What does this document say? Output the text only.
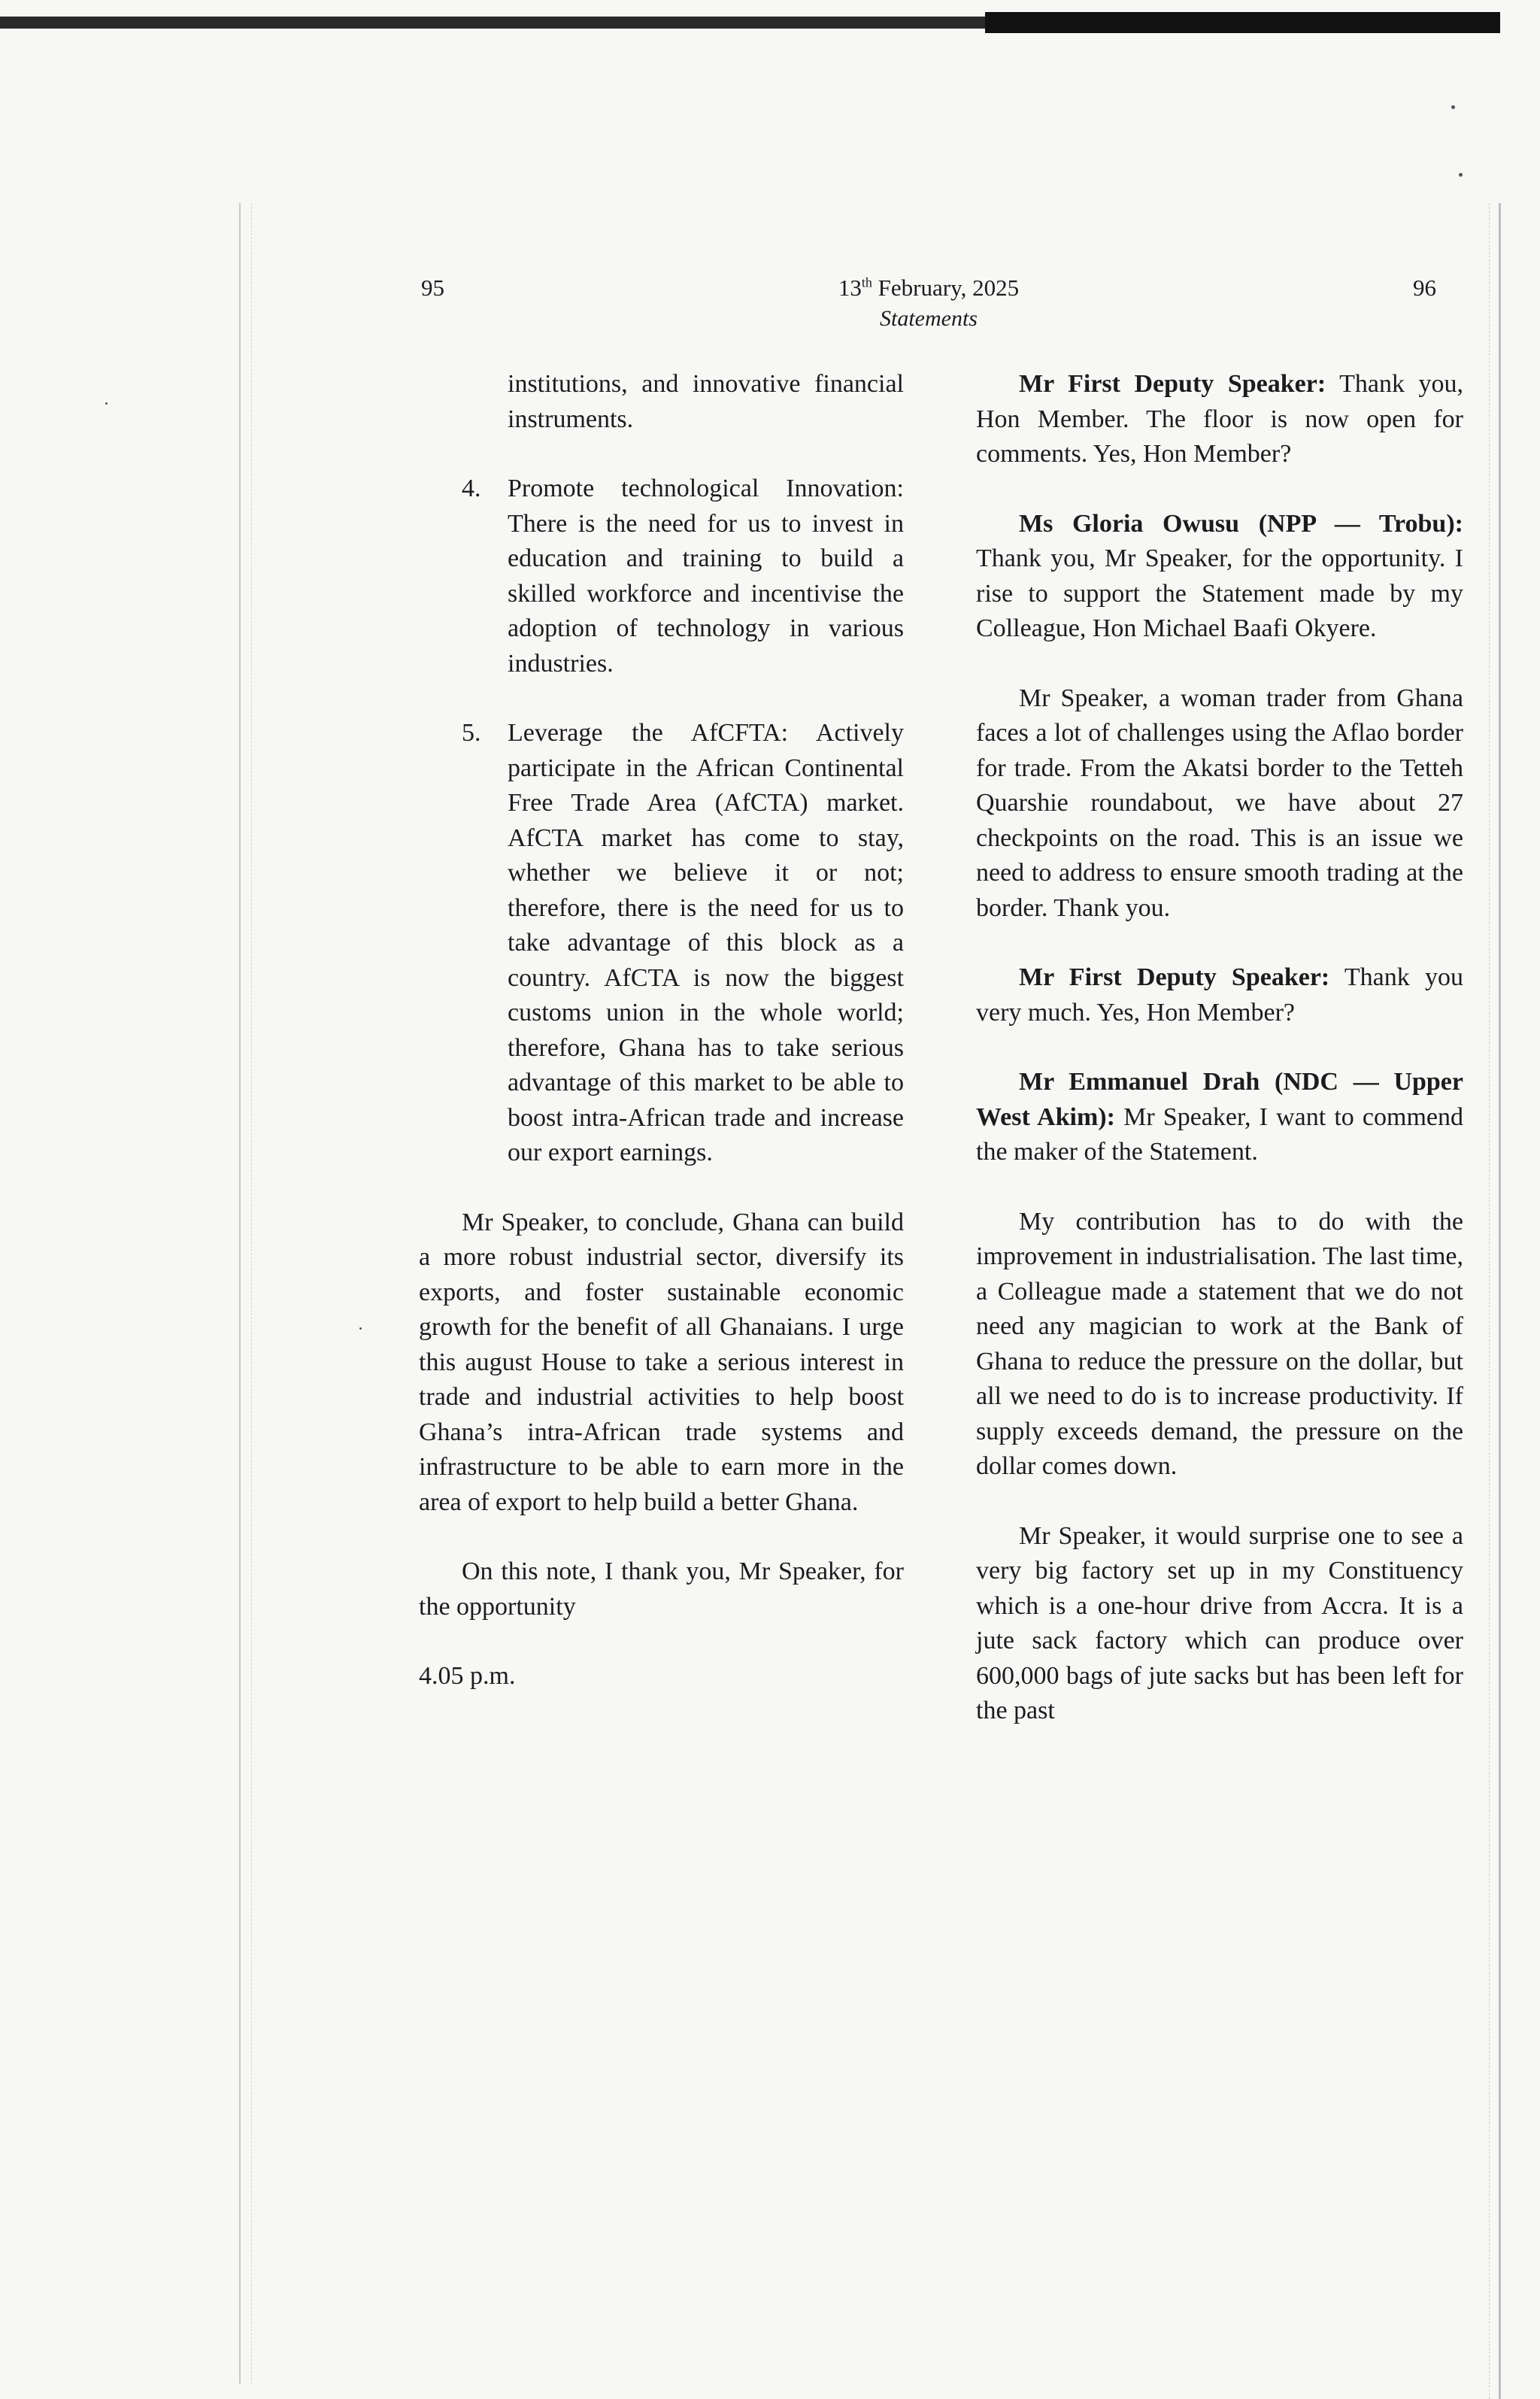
95	13th February, 2025
Statements
96

institutions, and innovative financial instruments.

4. Promote technological Innovation: There is the need for us to invest in education and training to build a skilled workforce and incentivise the adoption of technology in various industries.
5. Leverage the AfCFTA: Actively participate in the African Continental Free Trade Area (AfCTA) market. AfCTA market has come to stay, whether we believe it or not; therefore, there is the need for us to take advantage of this block as a country. AfCTA is now the biggest customs union in the whole world; therefore, Ghana has to take serious advantage of this market to be able to boost intra-African trade and increase our export earnings.

Mr Speaker, to conclude, Ghana can build a more robust industrial sector, diversify its exports, and foster sustainable economic growth for the benefit of all Ghanaians. I urge this august House to take a serious interest in trade and industrial activities to help boost Ghana’s intra-African trade systems and infrastructure to be able to earn more in the area of export to help build a better Ghana.

On this note, I thank you, Mr Speaker, for the opportunity

4.05 p.m.

Mr First Deputy Speaker: Thank you, Hon Member. The floor is now open for comments. Yes, Hon Member?

Ms Gloria Owusu (NPP — Trobu): Thank you, Mr Speaker, for the opportunity. I rise to support the Statement made by my Colleague, Hon Michael Baafi Okyere.

Mr Speaker, a woman trader from Ghana faces a lot of challenges using the Aflao border for trade. From the Akatsi border to the Tetteh Quarshie roundabout, we have about 27 checkpoints on the road. This is an issue we need to address to ensure smooth trading at the border. Thank you.

Mr First Deputy Speaker: Thank you very much. Yes, Hon Member?

Mr Emmanuel Drah (NDC — Upper West Akim): Mr Speaker, I want to commend the maker of the Statement.

My contribution has to do with the improvement in industrialisation. The last time, a Colleague made a statement that we do not need any magician to work at the Bank of Ghana to reduce the pressure on the dollar, but all we need to do is to increase productivity. If supply exceeds demand, the pressure on the dollar comes down.

Mr Speaker, it would surprise one to see a very big factory set up in my Constituency which is a one-hour drive from Accra. It is a jute sack factory which can produce over 600,000 bags of jute sacks but has been left for the past
